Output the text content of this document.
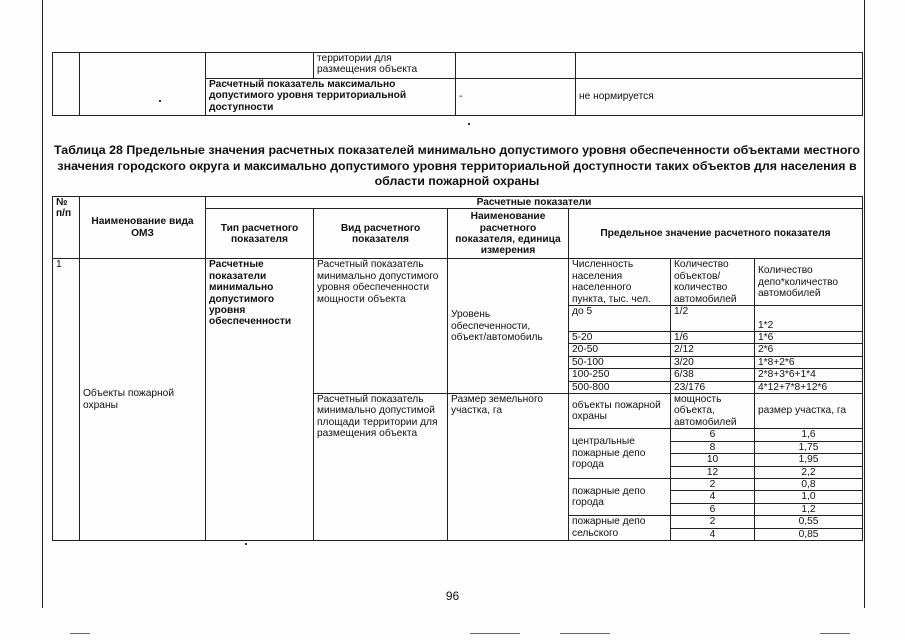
			территории для размещения объекта		
		Расчетный показатель максимально допустимого уровня территориальной доступности		-	не нормируется
Таблица 28 Предельные значения расчетных показателей минимально допустимого уровня обеспеченности объектами местного значения городского округа и максимально допустимого уровня территориальной доступности таких объектов для населения в области пожарной охраны
№ п/п	Наименование вида ОМЗ	Расчетные показатели					
		Тип расчетного показателя	Вид расчетного показателя	Наименование расчетного показателя, единица измерения	Предельное значение расчетного показателя		
1	Объекты пожарной охраны	Расчетные показатели минимально допустимого уровня обеспеченности	Расчетный показатель минимально допустимого уровня обеспеченности мощности объекта	Уровень обеспеченности, объект/автомобиль	Численность населения населенного пункта, тыс. чел.	Количество объектов/количество автомобилей	Количество депо*количество автомобилей
					до 5	1/2	1*2
					5-20	1/6	1*6
					20-50	2/12	2*6
					50-100	3/20	1*8+2*6
					100-250	6/38	2*8+3*6+1*4
					500-800	23/176	4*12+7*8+12*6
			Расчетный показатель минимально допустимой площади территории для размещения объекта	Размер земельного участка, га	объекты пожарной охраны	мощность объекта, автомобилей	размер участка, га
					центральные пожарные депо города	6	1,6
						8	1,75
						10	1,95
						12	2,2
					пожарные депо города	2	0,8
						4	1,0
						6	1,2
					пожарные депо сельского	2	0,55
						4	0,85
96
